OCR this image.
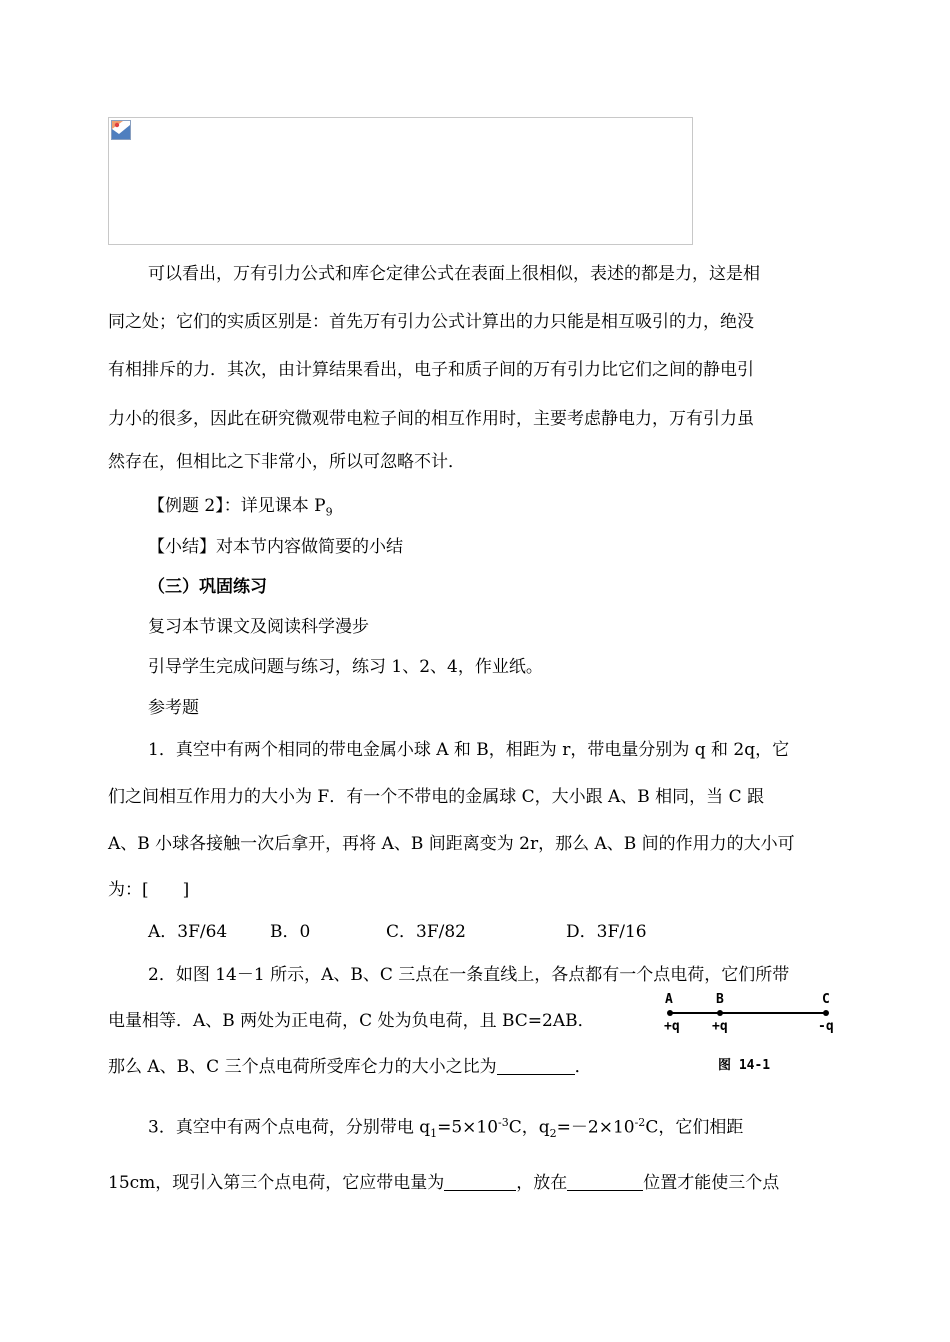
可以看出，万有引力公式和库仑定律公式在表面上很相似，表述的都是力，这是相
同之处；它们的实质区别是：首先万有引力公式计算出的力只能是相互吸引的力，绝没
有相排斥的力．其次，由计算结果看出，电子和质子间的万有引力比它们之间的静电引
力小的很多，因此在研究微观带电粒子间的相互作用时，主要考虑静电力，万有引力虽
然存在，但相比之下非常小，所以可忽略不计．
【例题 2】：详见课本 $P_9$
【小结】对本节内容做简要的小结
（三）巩固练习
复习本节课文及阅读科学漫步
引导学生完成问题与练习，练习 1、2、4，作业纸。
参考题
1．真空中有两个相同的带电金属小球 A 和 B，相距为 r，带电量分别为 q 和 2q，它
们之间相互作用力的大小为 F．有一个不带电的金属球 C，大小跟 A、B 相同，当 C 跟
A、B 小球各接触一次后拿开，再将 A、B 间距离变为 2r，那么 A、B 间的作用力的大小可
为：[　　]
A．3F/64	B．0	C．3F/82	D．3F/16
2．如图 14－1 所示，A、B、C 三点在一条直线上，各点都有一个点电荷，它们所带
电量相等．A、B 两处为正电荷，C 处为负电荷，且 BC=2AB．
那么 A、B、C 三个点电荷所受库仑力的大小之比为	．
A	B	C
+q +q	-q
图 14-1
3．真空中有两个点电荷，分别带电 $q_1=5\times 10^{-3}C$，$q_2=-2\times 10^{-2}C$，它们相距
15cm，现引入第三个点电荷，它应带电量为	，放在	位置才能使三个点
